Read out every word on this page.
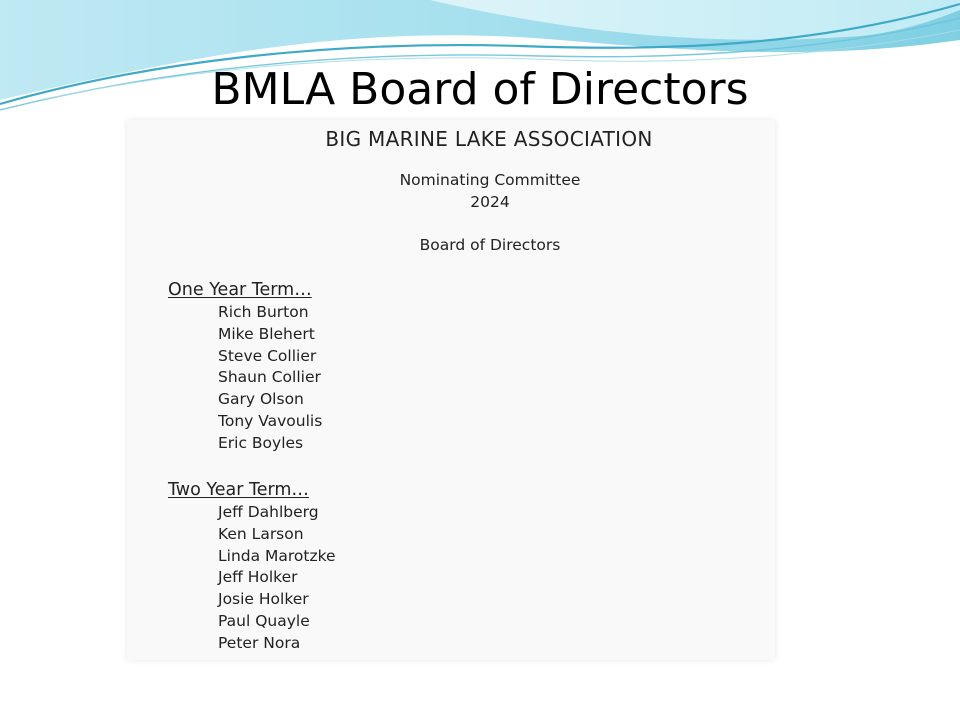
BMLA Board of Directors
BIG MARINE LAKE ASSOCIATION
Nominating Committee
2024
Board of Directors
One Year Term…
Rich Burton
Mike Blehert
Steve Collier
Shaun Collier
Gary Olson
Tony Vavoulis
Eric Boyles
Two Year Term…
Jeff Dahlberg
Ken Larson
Linda Marotzke
Jeff Holker
Josie Holker
Paul Quayle
Peter Nora
